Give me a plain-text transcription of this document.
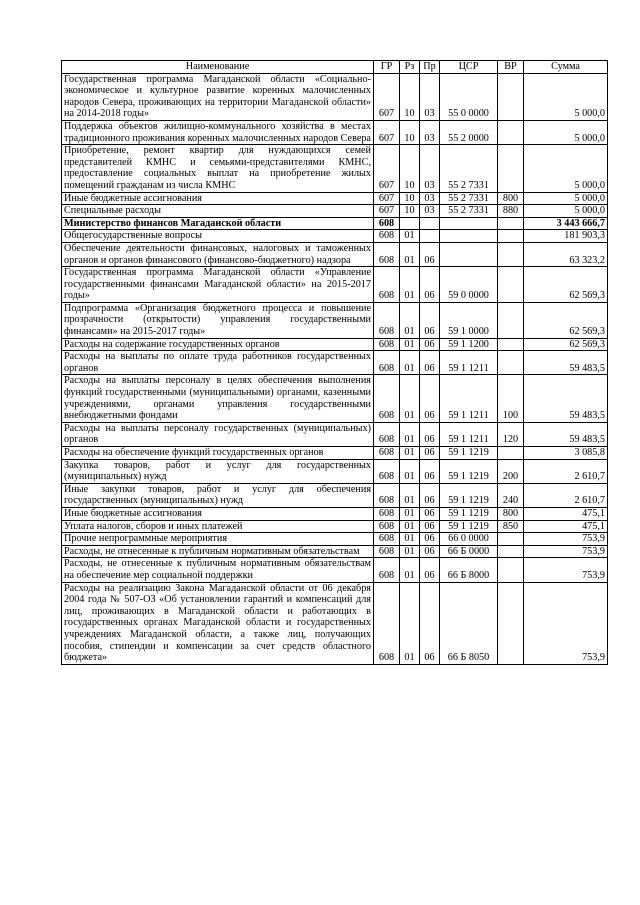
Наименование	ГР	Рз	Пр	ЦСР	ВР	Сумма
Государственная программа Магаданской области «Социально-экономическое и культурное развитие коренных малочисленных народов Севера, проживающих на территории Магаданской области» на 2014-2018 годы»	607	10	03	55 0 0000		5 000,0
Поддержка объектов жилищно-коммунального хозяйства в местах традиционного проживания коренных малочисленных народов Севера	607	10	03	55 2 0000		5 000,0
Приобретение, ремонт квартир для нуждающихся семей представителей КМНС и семьями-представителями КМНС, предоставление социальных выплат на приобретение жилых помещений гражданам из числа КМНС	607	10	03	55 2 7331		5 000,0
Иные бюджетные ассигнования	607	10	03	55 2 7331	800	5 000,0
Специальные расходы	607	10	03	55 2 7331	880	5 000,0
Министерство финансов Магаданской области	608					3 443 666,7
Общегосударственные вопросы	608	01				181 903,3
Обеспечение деятельности финансовых, налоговых и таможенных органов и органов финансового (финансово-бюджетного) надзора	608	01	06			63 323,2
Государственная программа Магаданской области «Управление государственными финансами Магаданской области» на 2015-2017 годы»	608	01	06	59 0 0000		62 569,3
Подпрограмма «Организация бюджетного процесса и повышение прозрачности (открытости) управления государственными финансами» на 2015-2017 годы»	608	01	06	59 1 0000		62 569,3
Расходы на содержание государственных органов	608	01	06	59 1 1200		62 569,3
Расходы на выплаты по оплате труда работников государственных органов	608	01	06	59 1 1211		59 483,5
Расходы на выплаты персоналу в целях обеспечения выполнения функций государственными (муниципальными) органами, казенными учреждениями, органами управления государственными внебюджетными фондами	608	01	06	59 1 1211	100	59 483,5
Расходы на выплаты персоналу государственных (муниципальных) органов	608	01	06	59 1 1211	120	59 483,5
Расходы на обеспечение функций государственных органов	608	01	06	59 1 1219		3 085,8
Закупка товаров, работ и услуг для государственных (муниципальных) нужд	608	01	06	59 1 1219	200	2 610,7
Иные закупки товаров, работ и услуг для обеспечения государственных (муниципальных) нужд	608	01	06	59 1 1219	240	2 610,7
Иные бюджетные ассигнования	608	01	06	59 1 1219	800	475,1
Уплата налогов, сборов и иных платежей	608	01	06	59 1 1219	850	475,1
Прочие непрограммные мероприятия	608	01	06	66 0 0000		753,9
Расходы, не отнесенные к публичным нормативным обязательствам	608	01	06	66 Б 0000		753,9
Расходы, не отнесенные к публичным нормативным обязательствам на обеспечение мер социальной поддержки	608	01	06	66 Б 8000		753,9
Расходы на реализацию Закона Магаданской области от 06 декабря 2004 года № 507-ОЗ «Об установлении гарантий и компенсаций для лиц, проживающих в Магаданской области и работающих в государственных органах Магаданской области и государственных учреждениях Магаданской области, а также лиц, получающих пособия, стипендии и компенсации за счет средств областного бюджета»	608	01	06	66 Б 8050		753,9
